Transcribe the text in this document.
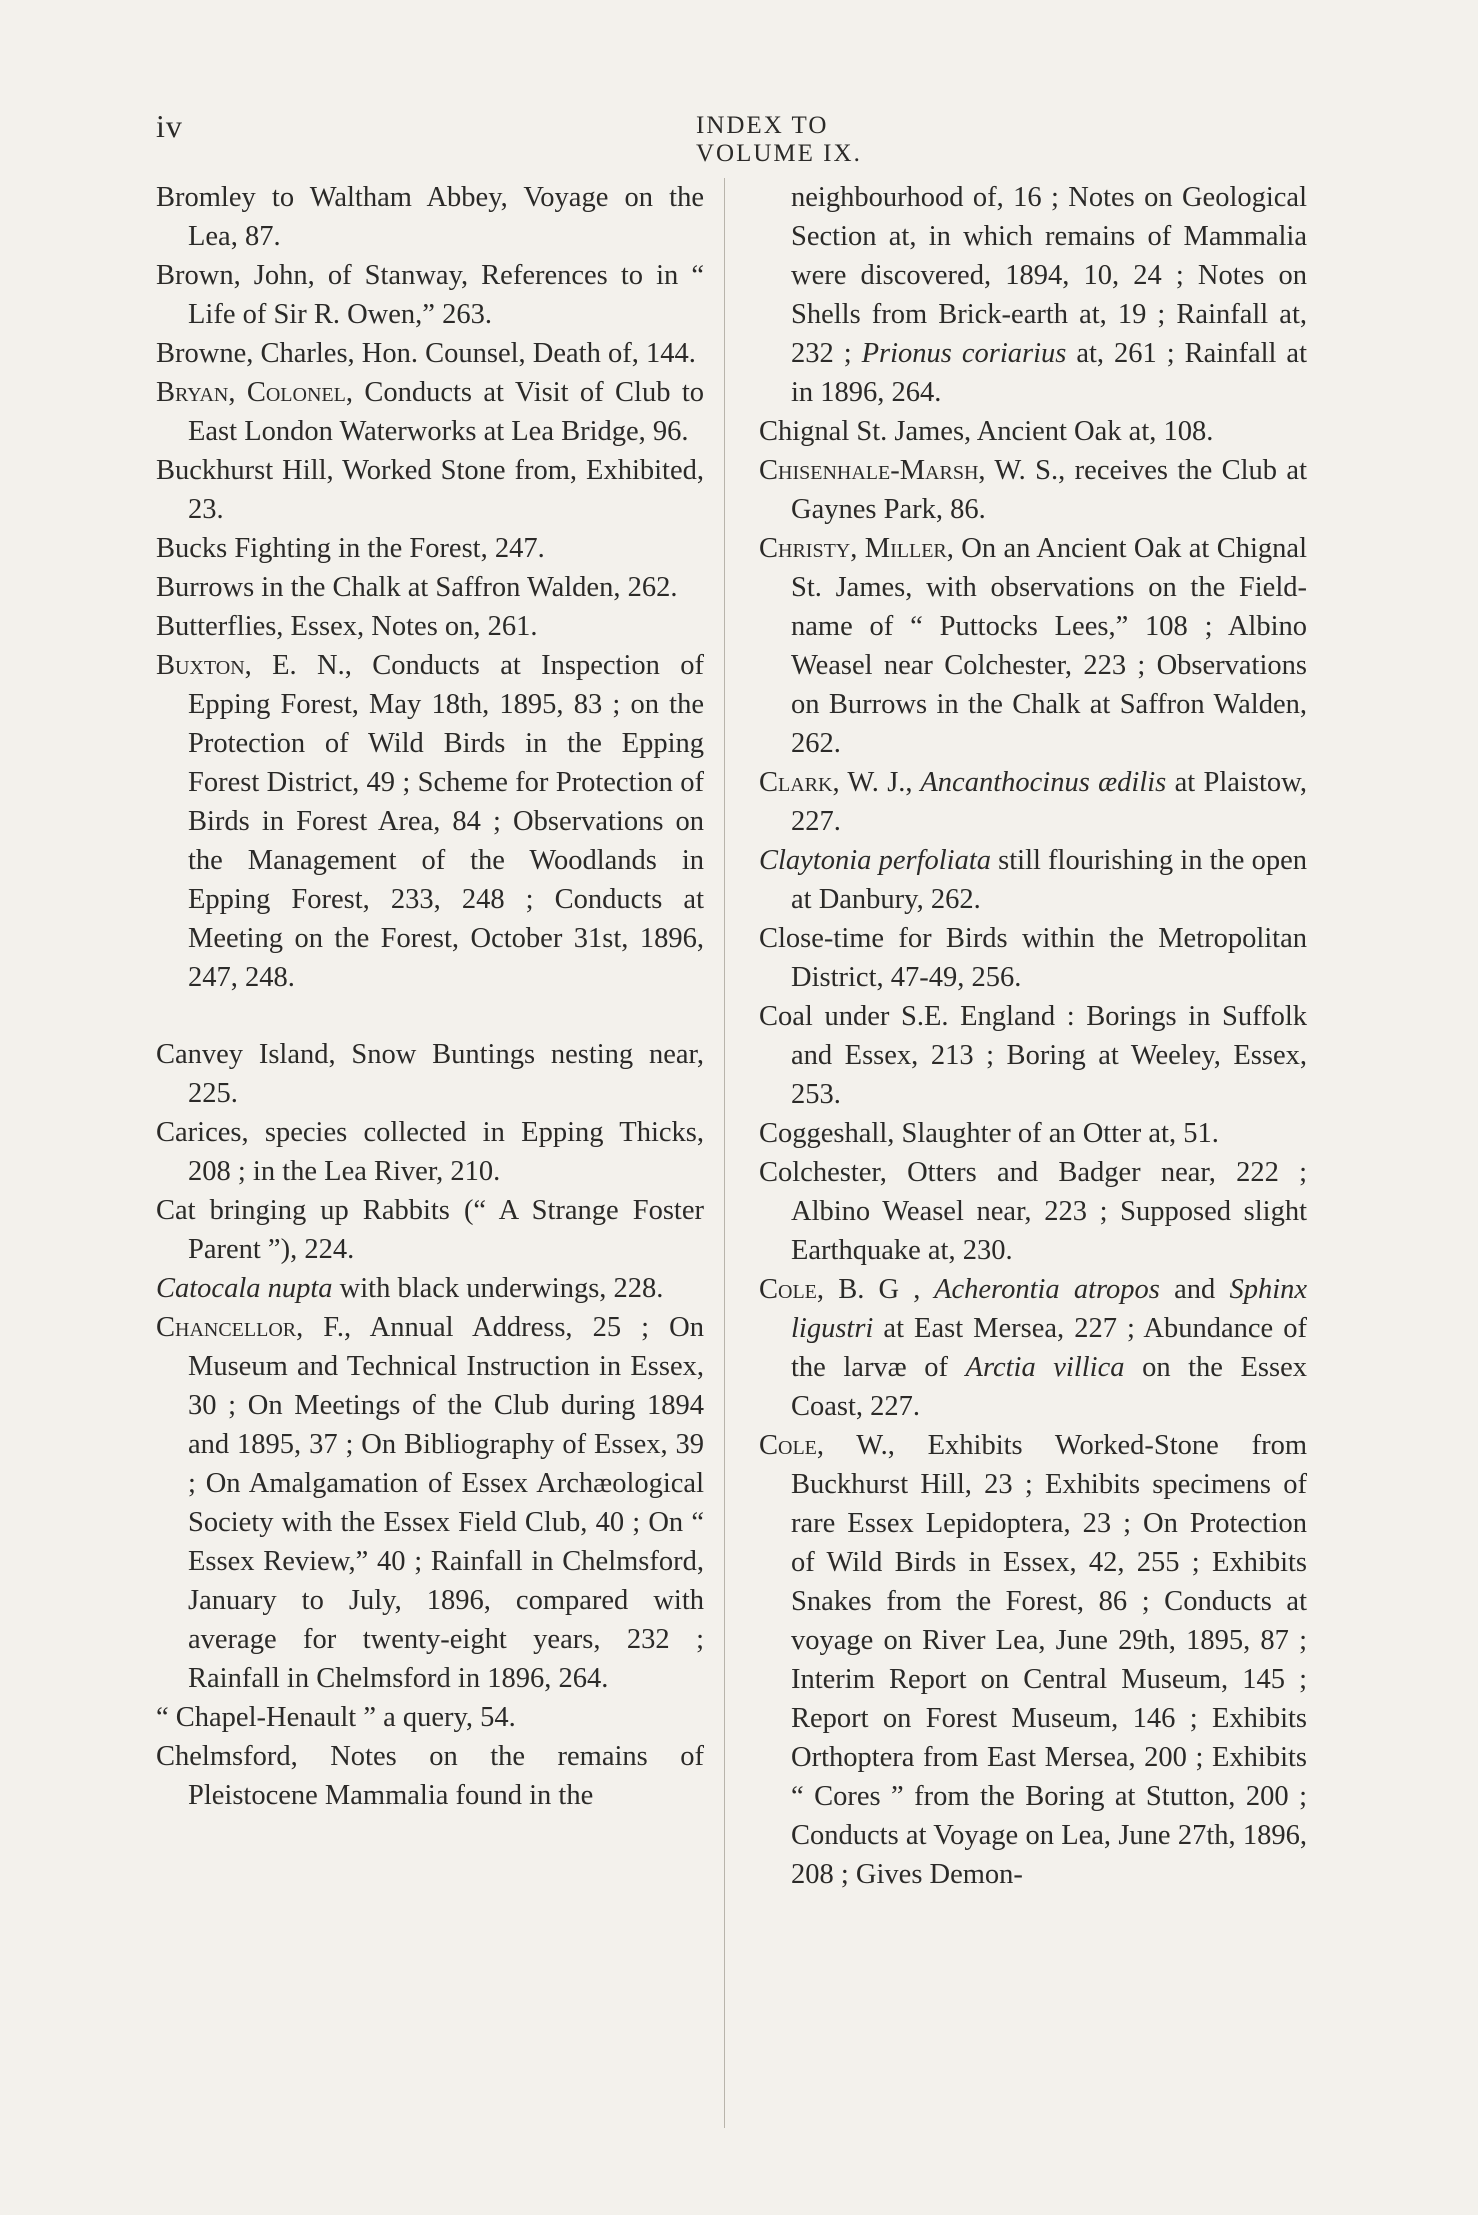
iv	INDEX TO VOLUME IX.
Bromley to Waltham Abbey, Voyage on the Lea, 87.
Brown, John, of Stanway, References to in “ Life of Sir R. Owen,” 263.
Browne, Charles, Hon. Counsel, Death of, 144.
Bryan, Colonel, Conducts at Visit of Club to East London Waterworks at Lea Bridge, 96.
Buckhurst Hill, Worked Stone from, Exhibited, 23.
Bucks Fighting in the Forest, 247.
Burrows in the Chalk at Saffron Walden, 262.
Butterflies, Essex, Notes on, 261.
Buxton, E. N., Conducts at Inspection of Epping Forest, May 18th, 1895, 83 ; on the Protection of Wild Birds in the Epping Forest District, 49 ; Scheme for Protection of Birds in Forest Area, 84 ; Observations on the Management of the Woodlands in Epping Forest, 233, 248 ; Conducts at Meeting on the Forest, October 31st, 1896, 247, 248.
Canvey Island, Snow Buntings nesting near, 225.
Carices, species collected in Epping Thicks, 208 ; in the Lea River, 210.
Cat bringing up Rabbits (“ A Strange Foster Parent ”), 224.
Catocala nupta with black underwings, 228.
Chancellor, F., Annual Address, 25 ; On Museum and Technical Instruction in Essex, 30 ; On Meetings of the Club during 1894 and 1895, 37 ; On Bibliography of Essex, 39 ; On Amalgamation of Essex Archæological Society with the Essex Field Club, 40 ; On “ Essex Review,” 40 ; Rainfall in Chelmsford, January to July, 1896, compared with average for twenty-eight years, 232 ; Rainfall in Chelmsford in 1896, 264.
“ Chapel-Henault ” a query, 54.
Chelmsford, Notes on the remains of Pleistocene Mammalia found in the
neighbourhood of, 16 ; Notes on Geological Section at, in which remains of Mammalia were discovered, 1894, 10, 24 ; Notes on Shells from Brick-earth at, 19 ; Rainfall at, 232 ; Prionus coriarius at, 261 ; Rainfall at in 1896, 264.
Chignal St. James, Ancient Oak at, 108.
Chisenhale-Marsh, W. S., receives the Club at Gaynes Park, 86.
Christy, Miller, On an Ancient Oak at Chignal St. James, with observations on the Field-name of “ Puttocks Lees,” 108 ; Albino Weasel near Colchester, 223 ; Observations on Burrows in the Chalk at Saffron Walden, 262.
Clark, W. J., Ancanthocinus ædilis at Plaistow, 227.
Claytonia perfoliata still flourishing in the open at Danbury, 262.
Close-time for Birds within the Metropolitan District, 47-49, 256.
Coal under S.E. England : Borings in Suffolk and Essex, 213 ; Boring at Weeley, Essex, 253.
Coggeshall, Slaughter of an Otter at, 51.
Colchester, Otters and Badger near, 222 ; Albino Weasel near, 223 ; Supposed slight Earthquake at, 230.
Cole, B. G , Acherontia atropos and Sphinx ligustri at East Mersea, 227 ; Abundance of the larvæ of Arctia villica on the Essex Coast, 227.
Cole, W., Exhibits Worked-Stone from Buckhurst Hill, 23 ; Exhibits specimens of rare Essex Lepidoptera, 23 ; On Protection of Wild Birds in Essex, 42, 255 ; Exhibits Snakes from the Forest, 86 ; Conducts at voyage on River Lea, June 29th, 1895, 87 ; Interim Report on Central Museum, 145 ; Report on Forest Museum, 146 ; Exhibits Orthoptera from East Mersea, 200 ; Exhibits “ Cores ” from the Boring at Stutton, 200 ; Conducts at Voyage on Lea, June 27th, 1896, 208 ; Gives Demon-
